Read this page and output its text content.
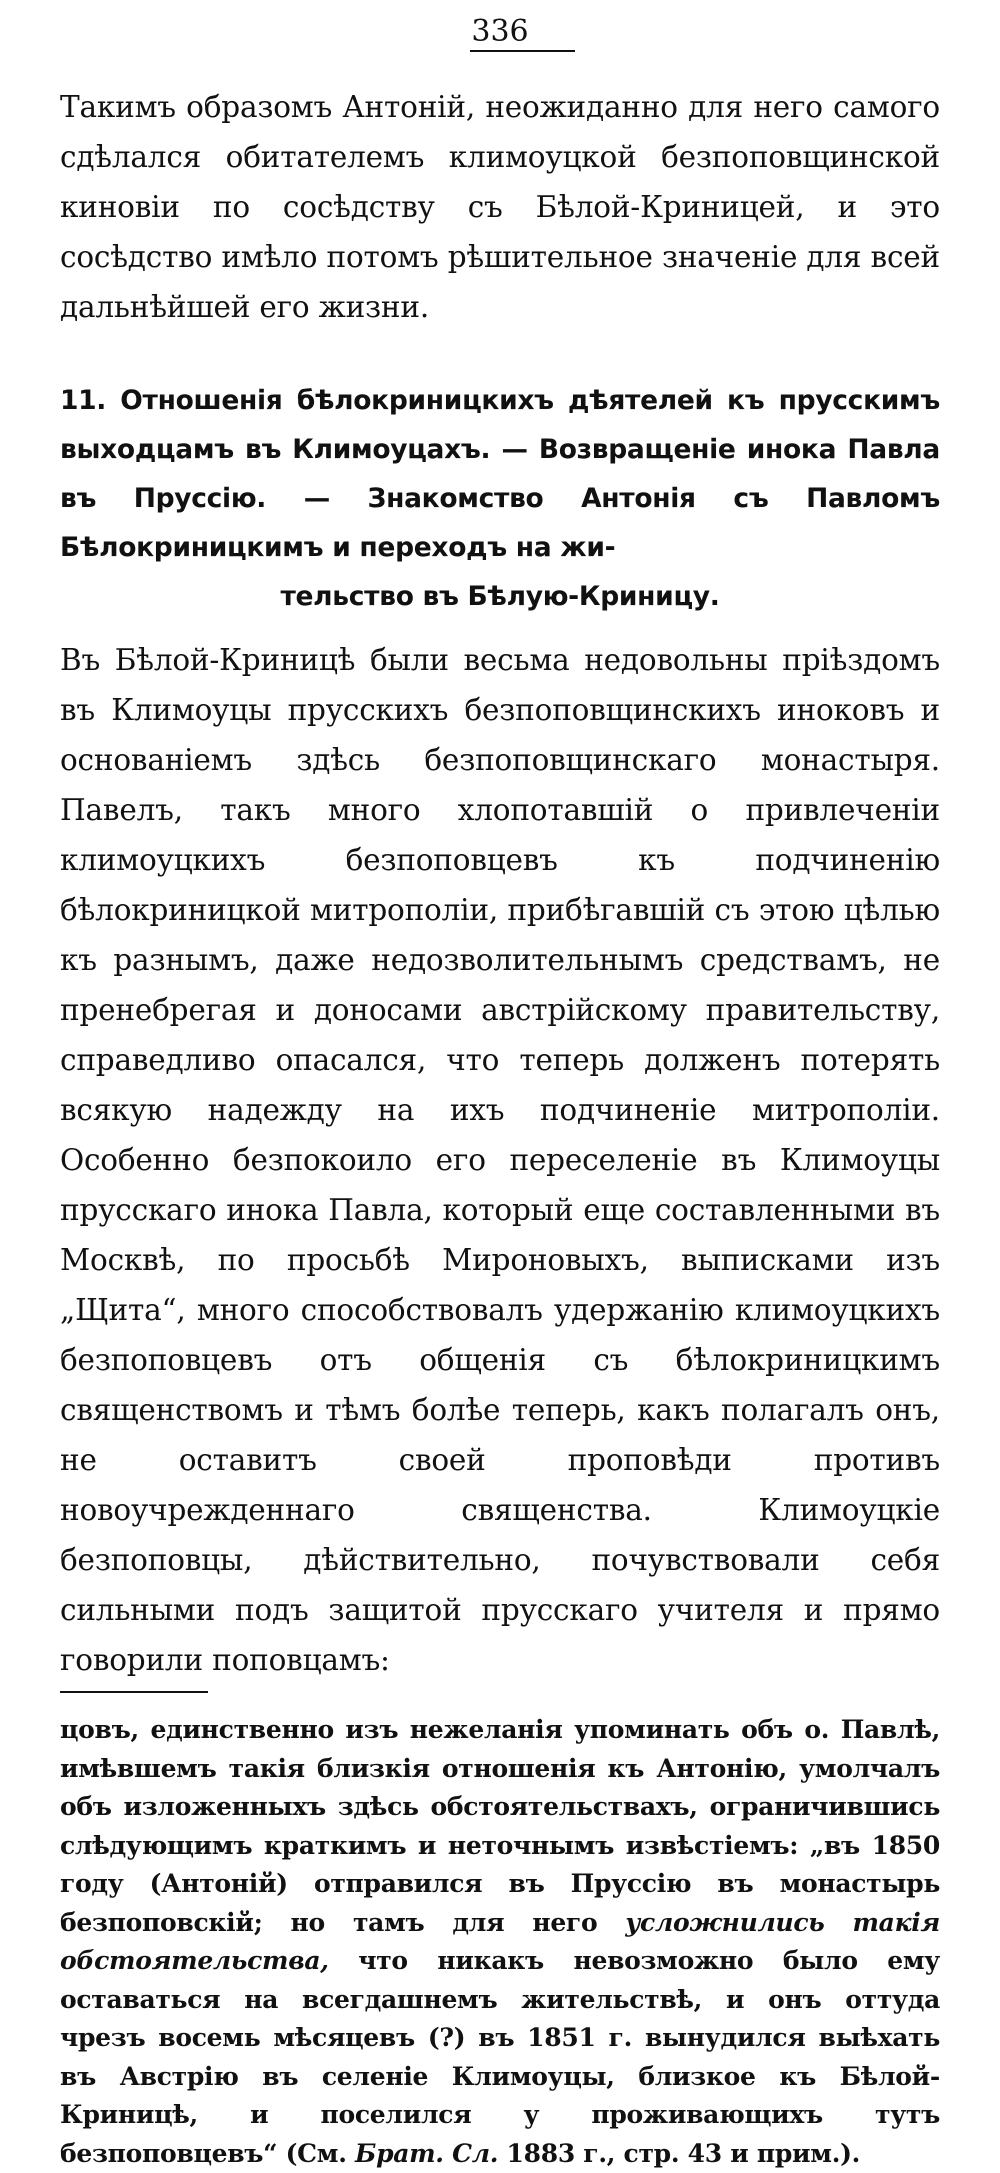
336

Такимъ образомъ Антоній, неожиданно для него самого сдѣлался обитателемъ климоуцкой безпоповщинской киновіи по сосѣдству съ Бѣлой-Криницей, и это сосѣдство имѣло потомъ рѣшительное значеніе для всей дальнѣйшей его жизни.

11. Отношенія бѣлокриницкихъ дѣятелей къ прусскимъ выходцамъ въ Климоуцахъ. — Возвращеніе инока Павла въ Пруссію. — Знакомство Антонія съ Павломъ Бѣлокриницкимъ и переходъ на жи-
тельство въ Бѣлую-Криницу.

Въ Бѣлой-Криницѣ были весьма недовольны пріѣздомъ въ Климоуцы прусскихъ безпоповщинскихъ иноковъ и основаніемъ здѣсь безпоповщинскаго монастыря. Павелъ, такъ много хлопотавшій о привлеченіи климоуцкихъ безпоповцевъ къ подчиненію бѣлокриницкой митрополіи, прибѣгавшій съ этою цѣлью къ разнымъ, даже недозволительнымъ средствамъ, не пренебрегая и доносами австрійскому правительству, справедливо опасался, что теперь долженъ потерять всякую надежду на ихъ подчиненіе митрополіи. Особенно безпокоило его переселеніе въ Климоуцы прусскаго инока Павла, который еще составленными въ Москвѣ, по просьбѣ Мироновыхъ, выписками изъ „Щита“, много способствовалъ удержанію климоуцкихъ безпоповцевъ отъ общенія съ бѣлокриницкимъ священствомъ и тѣмъ болѣе теперь, какъ полагалъ онъ, не оставитъ своей проповѣди противъ новоучрежденнаго священства. Климоуцкіе безпоповцы, дѣйствительно, почувствовали себя сильными подъ защитой прусскаго учителя и прямо говорили поповцамъ:

цовъ, единственно изъ нежеланія упоминать объ о. Павлѣ, имѣвшемъ такія близкія отношенія къ Антонію, умолчалъ объ изложенныхъ здѣсь обстоятельствахъ, ограничившись слѣдующимъ краткимъ и неточнымъ извѣстіемъ: „въ 1850 году (Антоній) отправился въ Пруссію въ монастырь безпоповскій; но тамъ для него усложнились такія обстоятельства, что никакъ невозможно было ему оставаться на всегдашнемъ жительствѣ, и онъ оттуда чрезъ восемь мѣсяцевъ (?) въ 1851 г. вынудился выѣхать въ Австрію въ селеніе Климоуцы, близкое къ Бѣлой-Криницѣ, и поселился у проживающихъ тутъ безпоповцевъ“ (См. Брат. Сл. 1883 г., стр. 43 и прим.).
